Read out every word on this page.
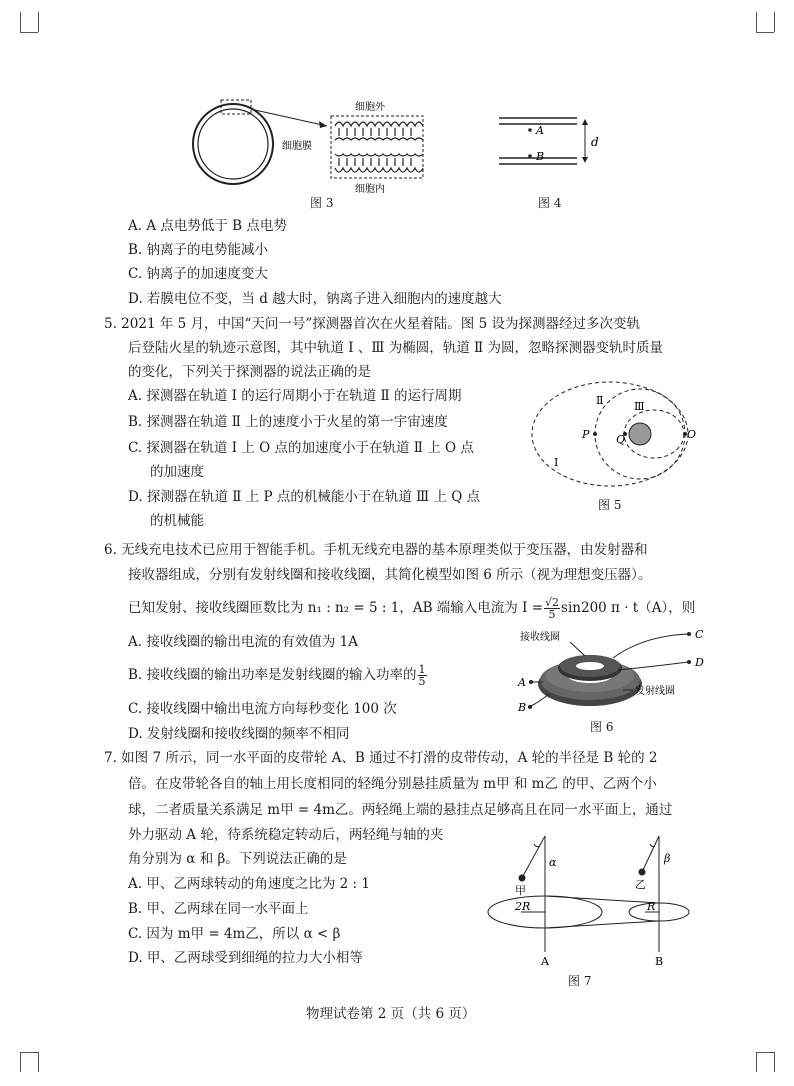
细胞外
细胞膜
细胞内
图 3
A
B
d
图 4
A. A 点电势低于 B 点电势
B. 钠离子的电势能减小
C. 钠离子的加速度变大
D. 若膜电位不变，当 d 越大时，钠离子进入细胞内的速度越大
5. 2021 年 5 月，中国“天问一号”探测器首次在火星着陆。图 5 设为探测器经过多次变轨
后登陆火星的轨迹示意图，其中轨道 Ⅰ 、Ⅲ 为椭圆，轨道 Ⅱ 为圆，忽略探测器变轨时质量
的变化，下列关于探测器的说法正确的是
A. 探测器在轨道 Ⅰ 的运行周期小于在轨道 Ⅱ 的运行周期
B. 探测器在轨道 Ⅱ 上的速度小于火星的第一宇宙速度
C. 探测器在轨道 Ⅰ 上 O 点的加速度小于在轨道 Ⅱ 上 O 点
的加速度
D. 探测器在轨道 Ⅱ 上 P 点的机械能小于在轨道 Ⅲ 上 Q 点
的机械能
P Q	O
Ⅱ	Ⅲ
Ⅰ
图 5
6. 无线充电技术已应用于智能手机。手机无线充电器的基本原理类似于变压器，由发射器和
接收器组成，分别有发射线圈和接收线圈，其简化模型如图 6 所示（视为理想变压器）。
已知发射、接收线圈匝数比为 n₁ : n₂ = 5 : 1，AB 端输入电流为 $I = \frac{√2}{5} \sin 200$ π · t（A），则
A. 接收线圈的输出电流的有效值为 1A
B. 接收线圈的输出功率是发射线圈的输入功率的 $\frac{1}{5}$
C. 接收线圈中输出电流方向每秒变化 100 次
D. 发射线圈和接收线圈的频率不相同
接收线圈
发射线圈
C
D
A
B
图 6
7. 如图 7 所示，同一水平面的皮带轮 A、B 通过不打滑的皮带传动，A 轮的半径是 B 轮的 2
倍。在皮带轮各自的轴上用长度相同的轻绳分别悬挂质量为 m甲 和 m乙 的甲、乙两个小
球，二者质量关系满足 m甲 = 4m乙。两轻绳上端的悬挂点足够高且在同一水平面上，通过
外力驱动 A 轮，待系统稳定转动后，两轻绳与轴的夹
角分别为 α 和 β。下列说法正确的是
A. 甲、乙两球转动的角速度之比为 2 : 1
B. 甲、乙两球在同一水平面上
C. 因为 m甲 = 4m乙，所以 α < β
D. 甲、乙两球受到细绳的拉力大小相等
α	β
甲	乙
2R	R
A	B
图 7
物理试卷第 2 页（共 6 页）
